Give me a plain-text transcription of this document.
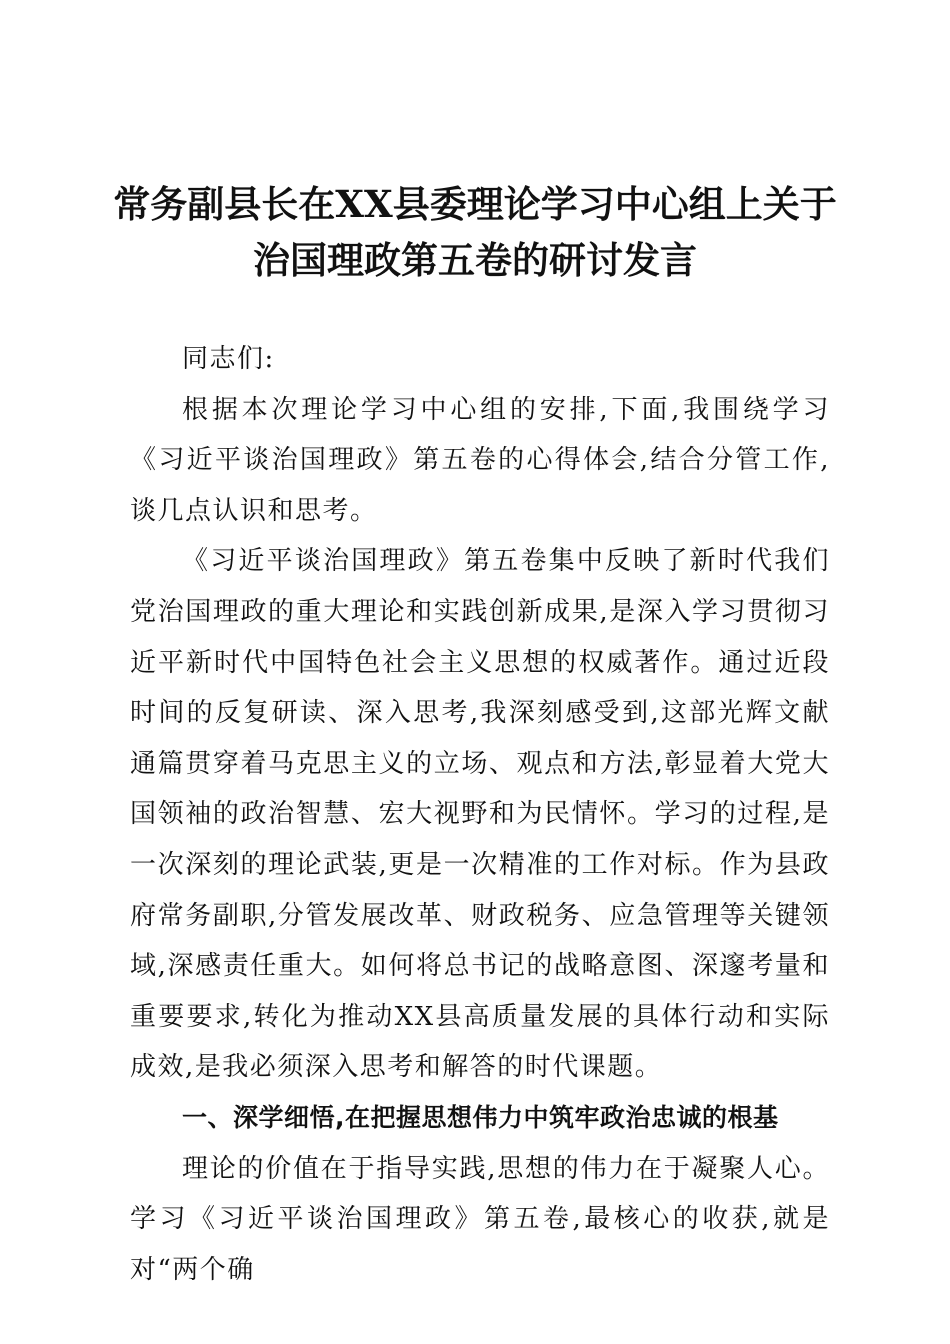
常务副县长在XX县委理论学习中心组上关于
治国理政第五卷的研讨发言

同志们:

根据本次理论学习中心组的安排,下面,我围绕学习《习近平谈治国理政》第五卷的心得体会,结合分管工作,谈几点认识和思考。

《习近平谈治国理政》第五卷集中反映了新时代我们党治国理政的重大理论和实践创新成果,是深入学习贯彻习近平新时代中国特色社会主义思想的权威著作。通过近段时间的反复研读、深入思考,我深刻感受到,这部光辉文献通篇贯穿着马克思主义的立场、观点和方法,彰显着大党大国领袖的政治智慧、宏大视野和为民情怀。学习的过程,是一次深刻的理论武装,更是一次精准的工作对标。作为县政府常务副职,分管发展改革、财政税务、应急管理等关键领域,深感责任重大。如何将总书记的战略意图、深邃考量和重要要求,转化为推动XX县高质量发展的具体行动和实际成效,是我必须深入思考和解答的时代课题。

一、深学细悟,在把握思想伟力中筑牢政治忠诚的根基

理论的价值在于指导实践,思想的伟力在于凝聚人心。学习《习近平谈治国理政》第五卷,最核心的收获,就是对“两个确
